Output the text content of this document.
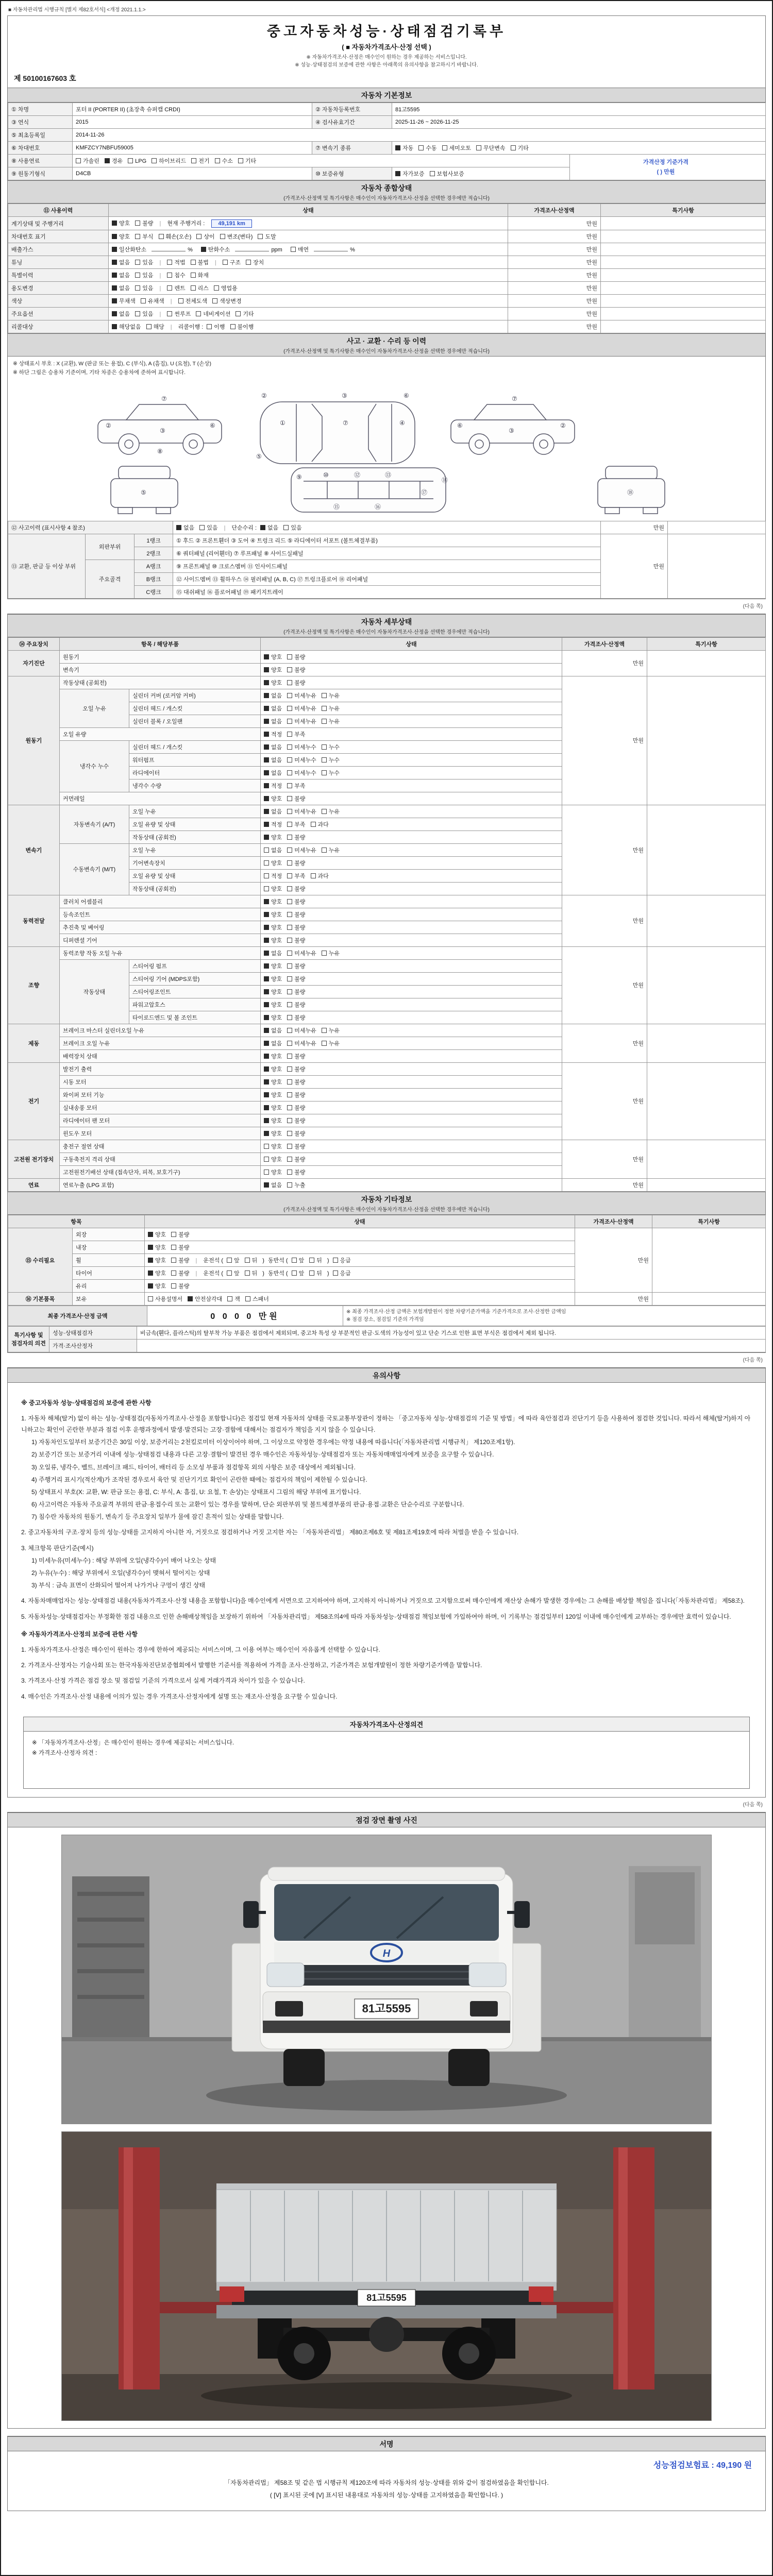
■ 자동차관리법 시행규칙 [별지 제82호서식] <개정 2021.1.1.>
중고자동차성능·상태점검기록부
( ■ 자동차가격조사·산정 선택 )
※ 자동차가격조사·산정은 매수인이 원하는 경우 제공하는 서비스입니다.
※ 성능·상태점검의 보증에 관한 사항은 아래쪽의 유의사항을 참고하시기 바랍니다.
제 50100167603 호
자동차 기본정보
① 차명	포터 II (PORTER II) (초장축 슈퍼캡 CRDI)	② 자동차등록번호	81고5595	
③ 연식	2015	④ 검사유효기간	2025-11-26 ~ 2026-11-25	
⑤ 최초등록일	2014-11-26			
⑥ 차대번호	KMFZCY7NBFU59005	⑦ 변속기 종류	자동 수동 세미오토 무단변속 기타	
⑧ 사용연료	가솔린 경유 LPG 하이브리드 전기 수소 기타			가격산정 기준가격
( ) 만원
⑨ 원동기형식	D4CB	⑩ 보증유형	자가보증 보험사보증	
자동차 종합상태
(가격조사·산정액 및 특기사항은 매수인이 자동차가격조사·산정을 선택한 경우에만 적습니다)
⑪ 사용이력	상태	가격조사·산정액	특기사항
계기상태 및 주행거리	양호 불량 | 현재 주행거리 : 49,191 km	만원	
차대번호 표기	양호 부식 훼손(오손) 상이 변조(변타) 도말	만원	
배출가스	일산화탄소 % 탄화수소 ppm 매연 %	만원	
튜닝	없음 있음 | 적법 불법 | 구조 장치	만원	
특별이력	없음 있음 | 침수 화재	만원	
용도변경	없음 있음 | 렌트 리스 영업용	만원	
색상	무채색 유채색 | 전체도색 색상변경	만원	
주요옵션	없음 있음 | 썬루프 네비게이션 기타	만원	
리콜대상	해당없음 해당 | 리콜이행 : 이행 불이행	만원	
사고 · 교환 · 수리 등 이력
(가격조사·산정액 및 특기사항은 매수인이 자동차가격조사·산정을 선택한 경우에만 적습니다)
※ 상태표시 부호 : X (교환), W (판금 또는 용접), C (부식), A (흠집), U (요철), T (손상)
※ 하단 그림은 승용차 기준이며, 기타 차종은 승용차에 준하여 표시합니다.
②
③
⑥
⑦
⑧
①	⑦	④
②	③	⑥
⑤
⑥
③
②
⑦
⑤
⑨	⑩	⑫	⑬
⑮	⑯
⑰
⑱
⑱
⑫ 사고이력 (표시사항 4 참조)			없음 있음 | 단순수리 : 없음 있음	만원	
⑬ 교환, 판금 등 이상 부위	외판부위	1랭크	① 후드 ② 프론트휀더 ③ 도어 ④ 트렁크 리드 ⑤ 라디에이터 서포트 (볼트체결부품)	만원	
		2랭크	⑥ 쿼터패널 (리어휀더) ⑦ 루프패널 ⑧ 사이드실패널		
	주요골격	A랭크	⑨ 프론트패널 ⑩ 크로스멤버 ⑪ 인사이드패널		
		B랭크	⑫ 사이드멤버 ⑬ 휠하우스 ⑭ 필러패널 (A, B, C) ⑰ 트렁크플로어 ⑱ 리어패널		
		C랭크	⑮ 대쉬패널 ⑯ 플로어패널 ⑲ 패키지트레이		
(다음 쪽)
자동차 세부상태
(가격조사·산정액 및 특기사항은 매수인이 자동차가격조사·산정을 선택한 경우에만 적습니다)
⑭ 주요장치	항목 / 해당부품		상태	가격조사·산정액	특기사항
자기진단	원동기		양호 불량	만원	
	변속기		양호 불량		
원동기	작동상태 (공회전)		양호 불량	만원	
	오일 누유	실린더 커버 (로커암 커버)	없음 미세누유 누유		
		실린더 헤드 / 개스킷	없음 미세누유 누유		
		실린더 블록 / 오일팬	없음 미세누유 누유		
	오일 유량		적정 부족		
	냉각수 누수	실린더 헤드 / 개스킷	없음 미세누수 누수		
		워터펌프	없음 미세누수 누수		
		라디에이터	없음 미세누수 누수		
		냉각수 수량	적정 부족		
	커먼레일		양호 불량		
변속기	자동변속기 (A/T)	오일 누유	없음 미세누유 누유	만원	
		오일 유량 및 상태	적정 부족 과다		
		작동상태 (공회전)	양호 불량		
	수동변속기 (M/T)	오일 누유	없음 미세누유 누유		
		기어변속장치	양호 불량		
		오일 유량 및 상태	적정 부족 과다		
		작동상태 (공회전)	양호 불량		
동력전달	클러치 어셈블리		양호 불량	만원	
	등속조인트		양호 불량		
	추진축 및 베어링		양호 불량		
	디퍼렌셜 기어		양호 불량		
조향	동력조향 작동 오일 누유		없음 미세누유 누유	만원	
	작동상태	스티어링 펌프	양호 불량		
		스티어링 기어 (MDPS포함)	양호 불량		
		스티어링조인트	양호 불량		
		파워고압호스	양호 불량		
		타이로드엔드 및 볼 조인트	양호 불량		
제동	브레이크 마스터 실린더오일 누유		없음 미세누유 누유	만원	
	브레이크 오일 누유		없음 미세누유 누유		
	배력장치 상태		양호 불량		
전기	발전기 출력		양호 불량	만원	
	시동 모터		양호 불량		
	와이퍼 모터 기능		양호 불량		
	실내송풍 모터		양호 불량		
	라디에이터 팬 모터		양호 불량		
	윈도우 모터		양호 불량		
고전원 전기장치	충전구 절연 상태		양호 불량	만원	
	구동축전지 격리 상태		양호 불량		
	고전원전기배선 상태 (접속단자, 피복, 보호기구)		양호 불량		
연료	연료누출 (LPG 포함)		없음 누출	만원	
자동차 기타정보
(가격조사·산정액 및 특기사항은 매수인이 자동차가격조사·산정을 선택한 경우에만 적습니다)
항목		상태	가격조사·산정액	특기사항
⑮ 수리필요	외장	양호 불량	만원	
	내장	양호 불량		
	휠	양호 불량 | 운전석 ( 앞 뒤 ) 동반석 ( 앞 뒤 ) 응급		
	타이어	양호 불량 | 운전석 ( 앞 뒤 ) 동반석 ( 앞 뒤 ) 응급		
	유리	양호 불량		
⑯ 기본품목	보유	사용설명서 안전삼각대 잭 스패너	만원	
최종 가격조사·산정 금액	0 0 0 0 만원	※ 최종 가격조사·산정 금액은 보험개발원이 정한 차량기준가액을 기준가격으로 조사·산정한 금액임
※ 점검 장소, 점검일 기준의 가격임
특기사항 및 점검자의 의견	성능·상태점검자	비금속(휀다, 플라스틱)의 탈부착 가능 부품은 점검에서 제외되며, 중고차 특성 상 부분적인 판금·도색의 가능성이 있고 단순 기스로 인한 표면 부식은 점검에서 제외 됩니다.
	가격·조사산정자	
(다음 쪽)
유의사항
※ 중고자동차 성능·상태점검의 보증에 관한 사항
1. 자동차 해체(탈거) 없이 하는 성능·상태점검(자동차가격조사·산정을 포함합니다)은 점검일 현재 자동차의 상태를 국토교통부장관이 정하는 「중고자동차 성능·상태점검의 기준 및 방법」에 따라 육안점검과 진단기기 등을 사용하여 점검한 것입니다. 따라서 해체(탈거)하지 아니하고는 확인이 곤란한 부분과 점검 이후 운행과정에서 발생·발견되는 고장·결함에 대해서는 점검자가 책임을 지지 않을 수 있습니다.
1) 자동차인도일부터 보증기간은 30일 이상, 보증거리는 2천킬로미터 이상이어야 하며, 그 이상으로 약정한 경우에는 약정 내용에 따릅니다(「자동차관리법 시행규칙」 제120조제1항).
2) 보증기간 또는 보증거리 이내에 성능·상태점검 내용과 다른 고장·결함이 발견된 경우 매수인은 자동차성능·상태점검자 또는 자동차매매업자에게 보증을 요구할 수 있습니다.
3) 오일류, 냉각수, 벨트, 브레이크 패드, 타이어, 배터리 등 소모성 부품과 점검항목 외의 사항은 보증 대상에서 제외됩니다.
4) 주행거리 표시기(적산계)가 조작된 경우로서 육안 및 진단기기로 확인이 곤란한 때에는 점검자의 책임이 제한될 수 있습니다.
5) 상태표시 부호(X: 교환, W: 판금 또는 용접, C: 부식, A: 흠집, U: 요철, T: 손상)는 상태표시 그림의 해당 부위에 표기합니다.
6) 사고이력은 자동차 주요골격 부위의 판금·용접수리 또는 교환이 있는 경우를 말하며, 단순 외판부위 및 볼트체결부품의 판금·용접·교환은 단순수리로 구분합니다.
7) 침수란 자동차의 원동기, 변속기 등 주요장치 일부가 물에 잠긴 흔적이 있는 상태를 말합니다.
2. 중고자동차의 구조·장치 등의 성능·상태를 고지하지 아니한 자, 거짓으로 점검하거나 거짓 고지한 자는 「자동차관리법」 제80조제6호 및 제81조제19호에 따라 처벌을 받을 수 있습니다.
3. 체크항목 판단기준(예시)
1) 미세누유(미세누수) : 해당 부위에 오일(냉각수)이 배어 나오는 상태
2) 누유(누수) : 해당 부위에서 오일(냉각수)이 맺혀서 떨어지는 상태
3) 부식 : 금속 표면이 산화되어 떨어져 나가거나 구멍이 생긴 상태
4. 자동차매매업자는 성능·상태점검 내용(자동차가격조사·산정 내용을 포함합니다)을 매수인에게 서면으로 고지하여야 하며, 고지하지 아니하거나 거짓으로 고지함으로써 매수인에게 재산상 손해가 발생한 경우에는 그 손해를 배상할 책임을 집니다(「자동차관리법」 제58조).
5. 자동차성능·상태점검자는 부정확한 점검 내용으로 인한 손해배상책임을 보장하기 위하여 「자동차관리법」 제58조의4에 따라 자동차성능·상태점검 책임보험에 가입하여야 하며, 이 기록부는 점검일부터 120일 이내에 매수인에게 교부하는 경우에만 효력이 있습니다.
※ 자동차가격조사·산정의 보증에 관한 사항
1. 자동차가격조사·산정은 매수인이 원하는 경우에 한하여 제공되는 서비스이며, 그 이용 여부는 매수인이 자유롭게 선택할 수 있습니다.
2. 가격조사·산정자는 기술사회 또는 한국자동차진단보증협회에서 발행한 기준서를 적용하여 가격을 조사·산정하고, 기준가격은 보험개발원이 정한 차량기준가액을 말합니다.
3. 가격조사·산정 가격은 점검 장소 및 점검일 기준의 가격으로서 실제 거래가격과 차이가 있을 수 있습니다.
4. 매수인은 가격조사·산정 내용에 이의가 있는 경우 가격조사·산정자에게 설명 또는 재조사·산정을 요구할 수 있습니다.
자동차가격조사·산정의견
※ 「자동차가격조사·산정」은 매수인이 원하는 경우에 제공되는 서비스입니다.
※ 가격조사·산정자 의견 :
(다음 쪽)
점검 장면 촬영 사진
H
81고5595
81고5595
서명
성능점검보험료 : 49,190 원
「자동차관리법」 제58조 및 같은 법 시행규칙 제120조에 따라 자동차의 성능·상태를 위와 같이 점검하였음을 확인합니다.
( [V] 표시된 곳에 [V] 표시된 내용대로 자동차의 성능·상태를 고지하였음을 확인합니다. )
